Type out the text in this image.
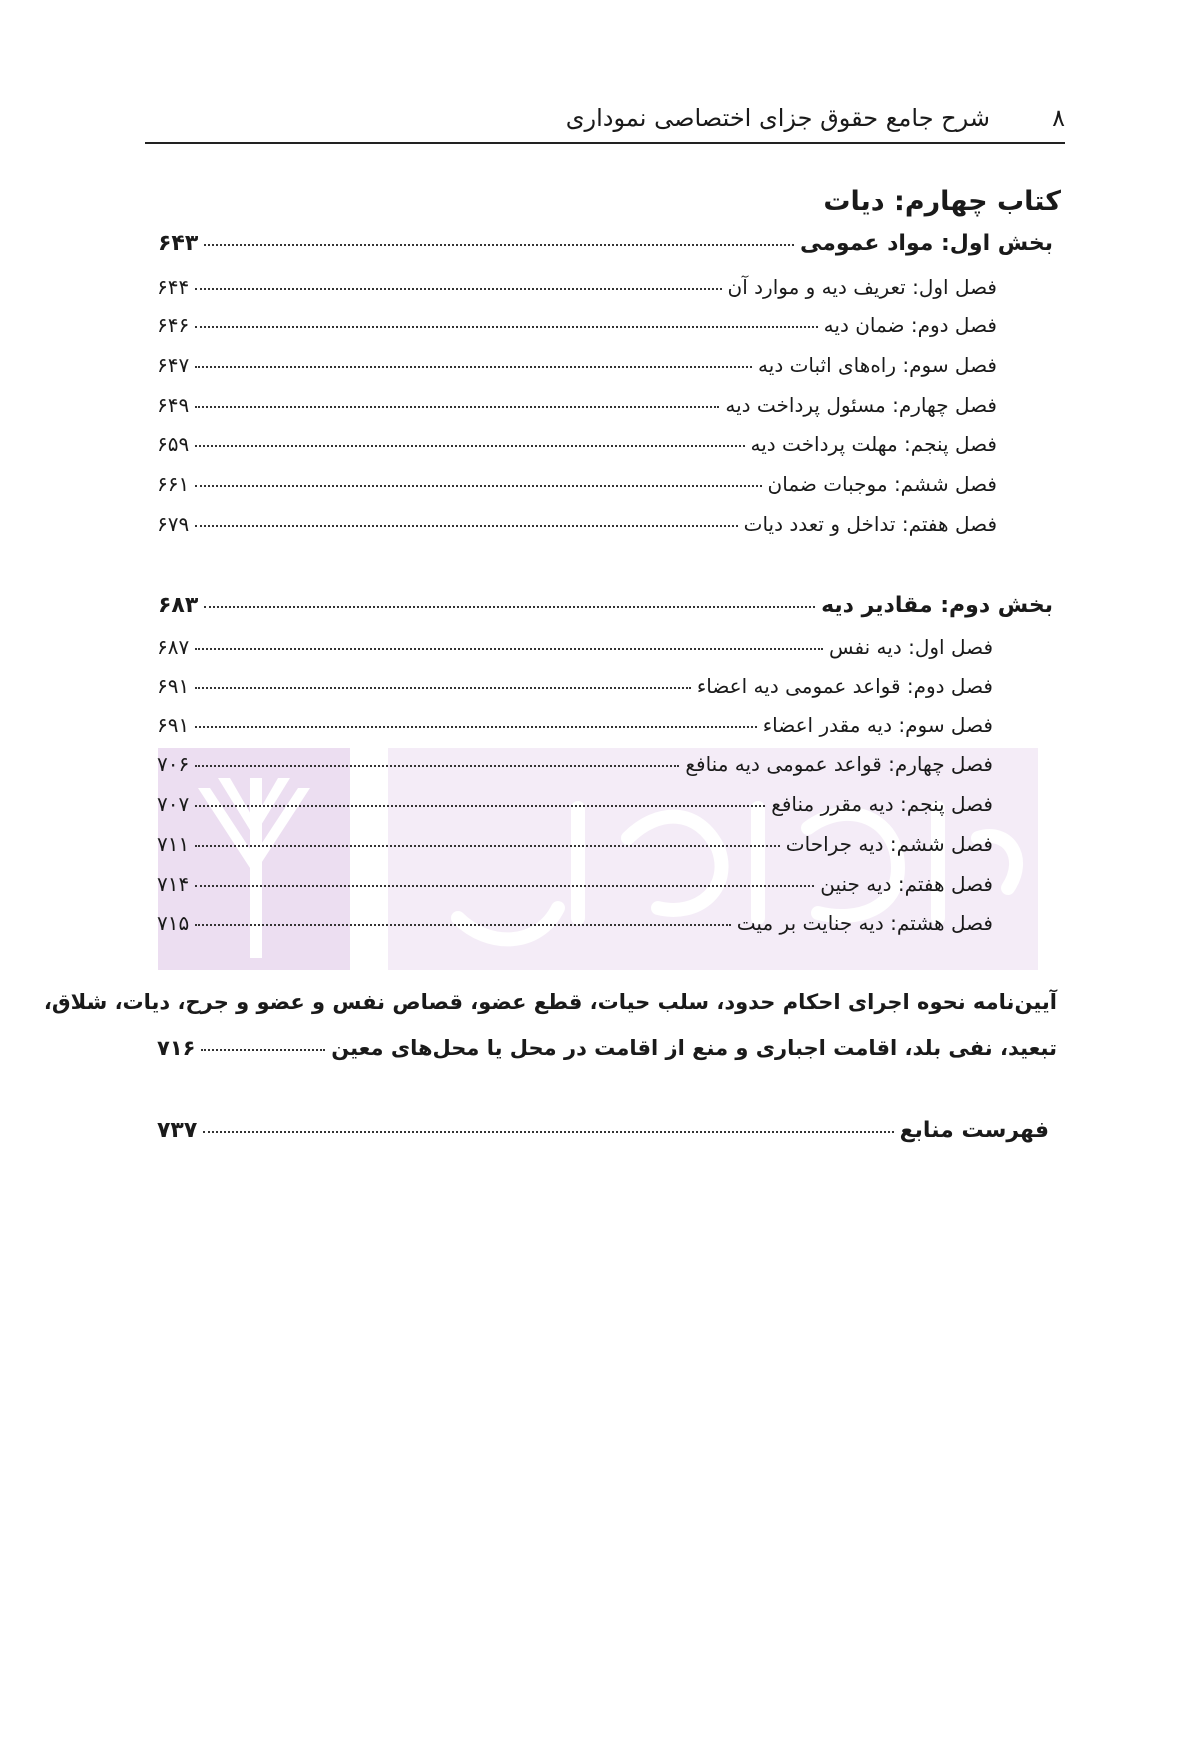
۸
شرح جامع حقوق جزای اختصاصی نموداری
کتاب چهارم: دیات
بخش اول: مواد عمومی
۶۴۳
فصل اول: تعریف دیه و موارد آن
۶۴۴
فصل دوم: ضمان دیه
۶۴۶
فصل سوم: راه‌های اثبات دیه
۶۴۷
فصل چهارم: مسئول پرداخت دیه
۶۴۹
فصل پنجم: مهلت پرداخت دیه
۶۵۹
فصل ششم: موجبات ضمان
۶۶۱
فصل هفتم: تداخل و تعدد دیات
۶۷۹
بخش دوم: مقادیر دیه
۶۸۳
فصل اول: دیه نفس
۶۸۷
فصل دوم: قواعد عمومی دیه اعضاء
۶۹۱
فصل سوم: دیه مقدر اعضاء
۶۹۱
فصل چهارم: قواعد عمومی دیه منافع
۷۰۶
فصل پنجم: دیه مقرر منافع
۷۰۷
فصل ششم: دیه جراحات
۷۱۱
فصل هفتم: دیه جنین
۷۱۴
فصل هشتم: دیه جنایت بر میت
۷۱۵
آیین‌نامه نحوه اجرای احکام حدود، سلب حیات، قطع عضو، قصاص نفس و عضو و جرح، دیات، شلاق،
تبعید، نفی بلد، اقامت اجباری و منع از اقامت در محل یا محل‌های معین
۷۱۶
فهرست منابع
۷۳۷
